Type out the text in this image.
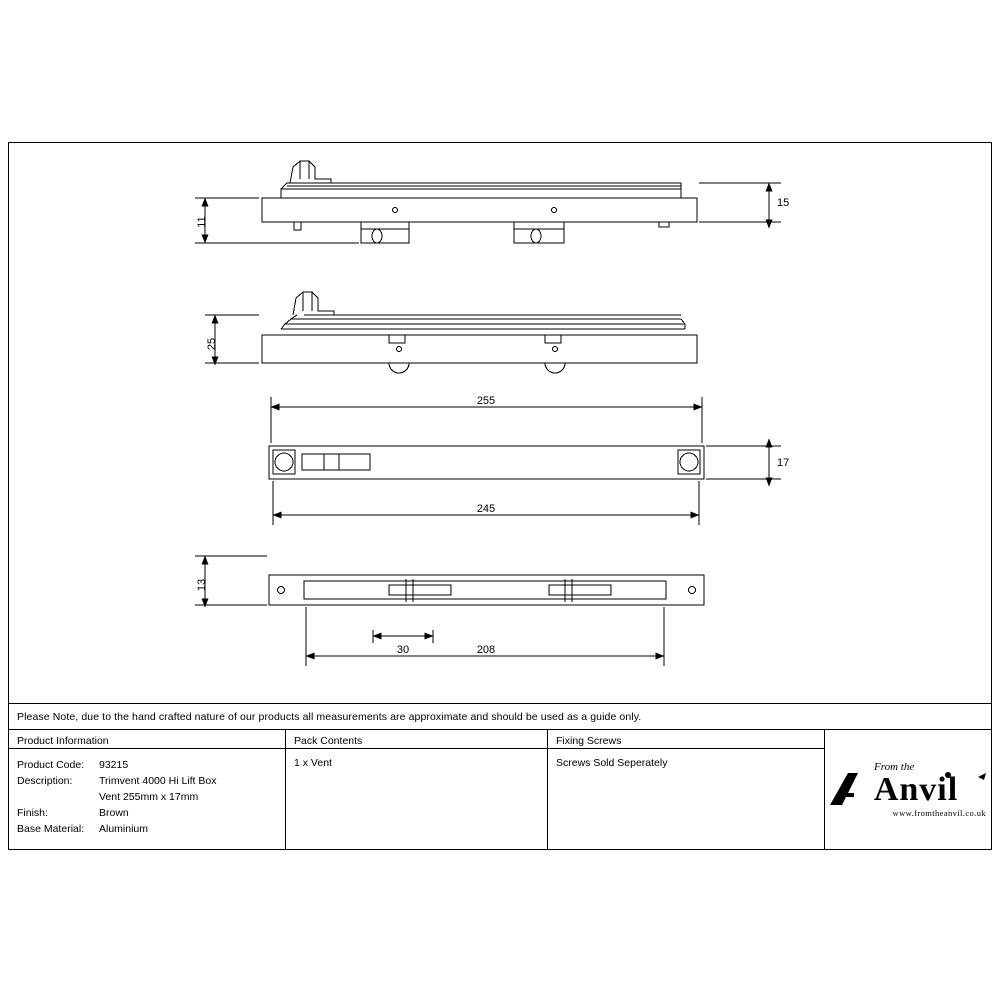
11
15
25
255
245
17
13
30	208
Please Note, due to the hand crafted nature of our products all measurements are approximate and should be used as a guide only.
Product Information
Product Code:	93215
Description:	Trimvent 4000 Hi Lift Box
Vent 255mm x 17mm
Finish:	Brown
Base Material:	Aluminium
Pack Contents
1 x Vent
Fixing Screws
Screws Sold Seperately	From the
Anvil
www.fromtheanvil.co.uk
